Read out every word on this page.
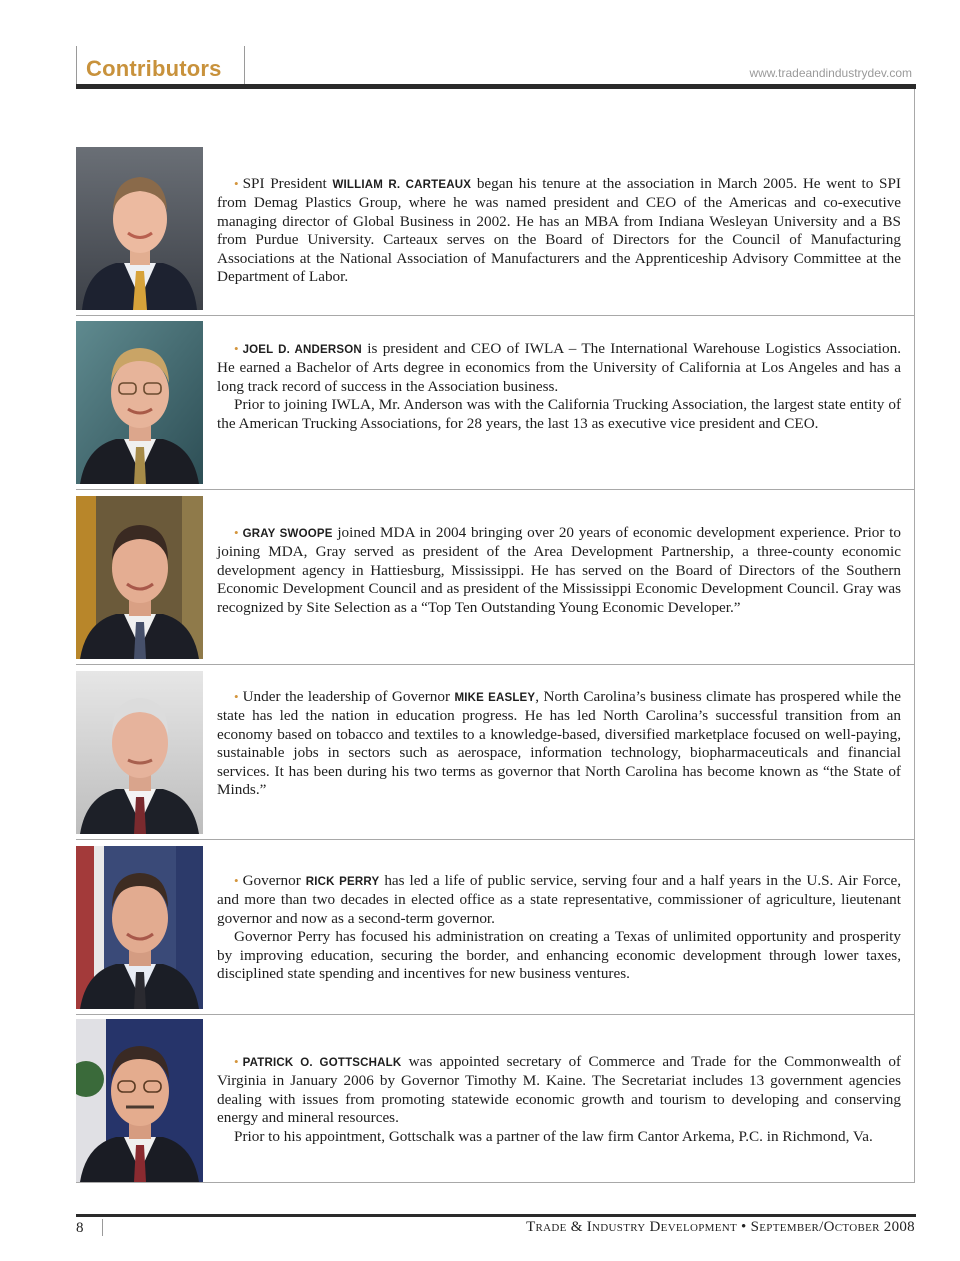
Contributors	www.tradeandindustrydev.com

• SPI President WILLIAM R. CARTEAUX began his tenure at the association in March 2005. He went to SPI from Demag Plastics Group, where he was named president and CEO of the Americas and co-executive managing director of Global Business in 2002. He has an MBA from Indiana Wesleyan University and a BS from Purdue University. Carteaux serves on the Board of Directors for the Council of Manufacturing Associations at the National Association of Manufacturers and the Apprenticeship Advisory Committee at the Department of Labor.

• JOEL D. ANDERSON is president and CEO of IWLA – The International Warehouse Logistics Association. He earned a Bachelor of Arts degree in economics from the University of California at Los Angeles and has a long track record of success in the Association business.

Prior to joining IWLA, Mr. Anderson was with the California Trucking Association, the largest state entity of the American Trucking Associations, for 28 years, the last 13 as executive vice president and CEO.

• GRAY SWOOPE joined MDA in 2004 bringing over 20 years of economic development experience. Prior to joining MDA, Gray served as president of the Area Development Partnership, a three-county economic development agency in Hattiesburg, Mississippi. He has served on the Board of Directors of the Southern Economic Development Council and as president of the Mississippi Economic Development Council. Gray was recognized by Site Selection as a “Top Ten Outstanding Young Economic Developer.”

• Under the leadership of Governor MIKE EASLEY, North Carolina’s business climate has prospered while the state has led the nation in education progress. He has led North Carolina’s successful transition from an economy based on tobacco and textiles to a knowledge-based, diversified marketplace focused on well-paying, sustainable jobs in sectors such as aerospace, information technology, biopharmaceuticals and financial services. It has been during his two terms as governor that North Carolina has become known as “the State of Minds.”

• Governor RICK PERRY has led a life of public service, serving four and a half years in the U.S. Air Force, and more than two decades in elected office as a state representative, commissioner of agriculture, lieutenant governor and now as a second-term governor.

Governor Perry has focused his administration on creating a Texas of unlimited opportunity and prosperity by improving education, securing the border, and enhancing economic development through lower taxes, disciplined state spending and incentives for new business ventures.

• PATRICK O. GOTTSCHALK was appointed secretary of Commerce and Trade for the Commonwealth of Virginia in January 2006 by Governor Timothy M. Kaine. The Secretariat includes 13 government agencies dealing with issues from promoting statewide economic growth and tourism to developing and conserving energy and mineral resources.

Prior to his appointment, Gottschalk was a partner of the law firm Cantor Arkema, P.C. in Richmond, Va.

8	Trade & Industry Development • September/October 2008
